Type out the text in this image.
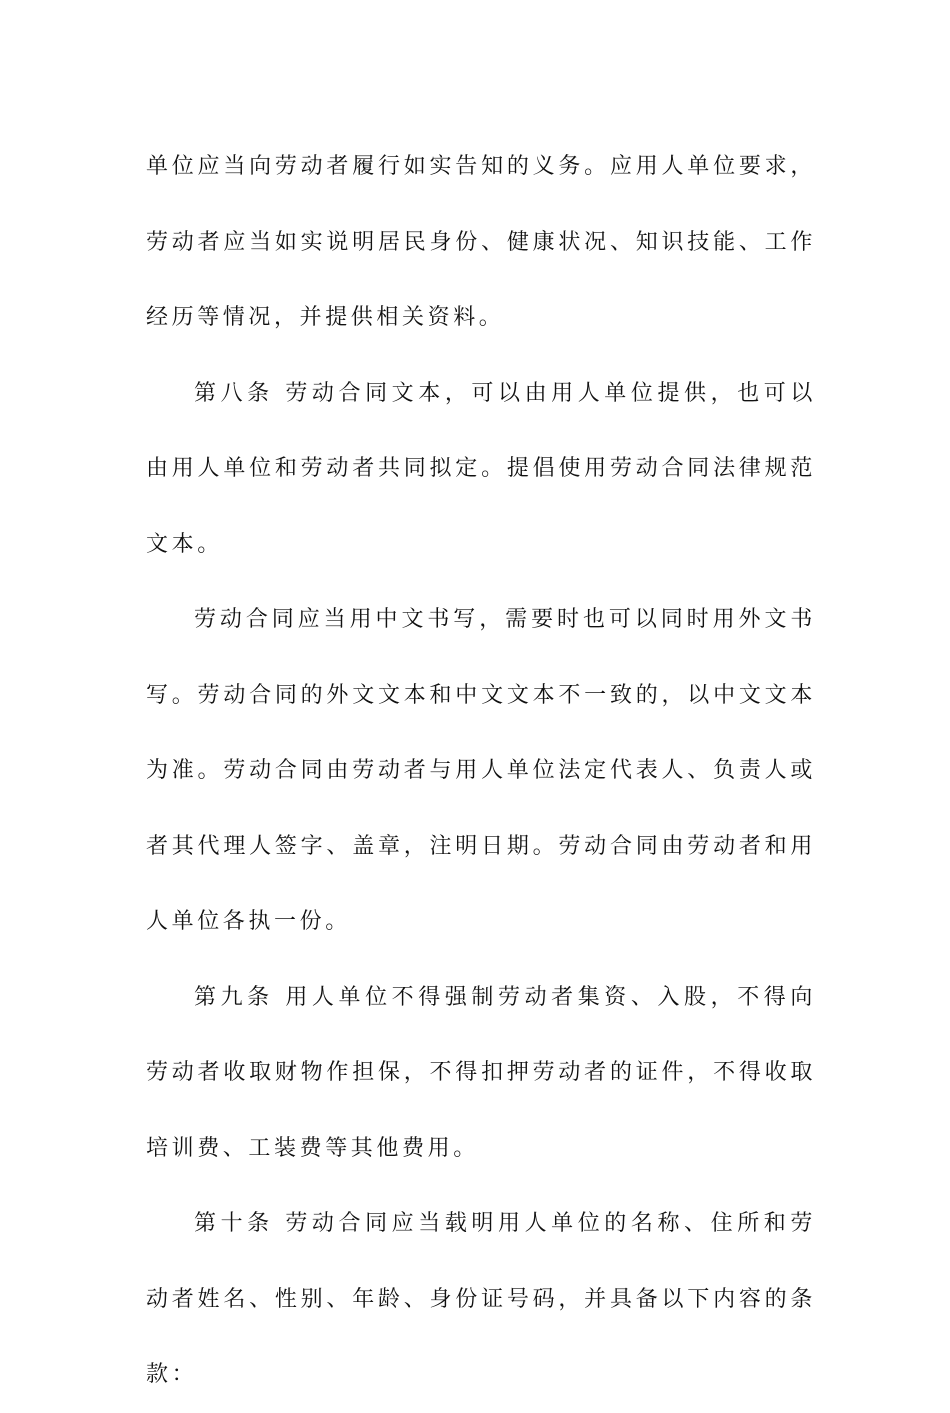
单位应当向劳动者履行如实告知的义务。应用人单位要求，劳动者应当如实说明居民身份、健康状况、知识技能、工作经历等情况，并提供相关资料。

第八条 劳动合同文本，可以由用人单位提供，也可以由用人单位和劳动者共同拟定。提倡使用劳动合同法律规范文本。

劳动合同应当用中文书写，需要时也可以同时用外文书写。劳动合同的外文文本和中文文本不一致的，以中文文本为准。劳动合同由劳动者与用人单位法定代表人、负责人或者其代理人签字、盖章，注明日期。劳动合同由劳动者和用人单位各执一份。

第九条 用人单位不得强制劳动者集资、入股，不得向劳动者收取财物作担保，不得扣押劳动者的证件，不得收取培训费、工装费等其他费用。

第十条 劳动合同应当载明用人单位的名称、住所和劳动者姓名、性别、年龄、身份证号码，并具备以下内容的条款：
